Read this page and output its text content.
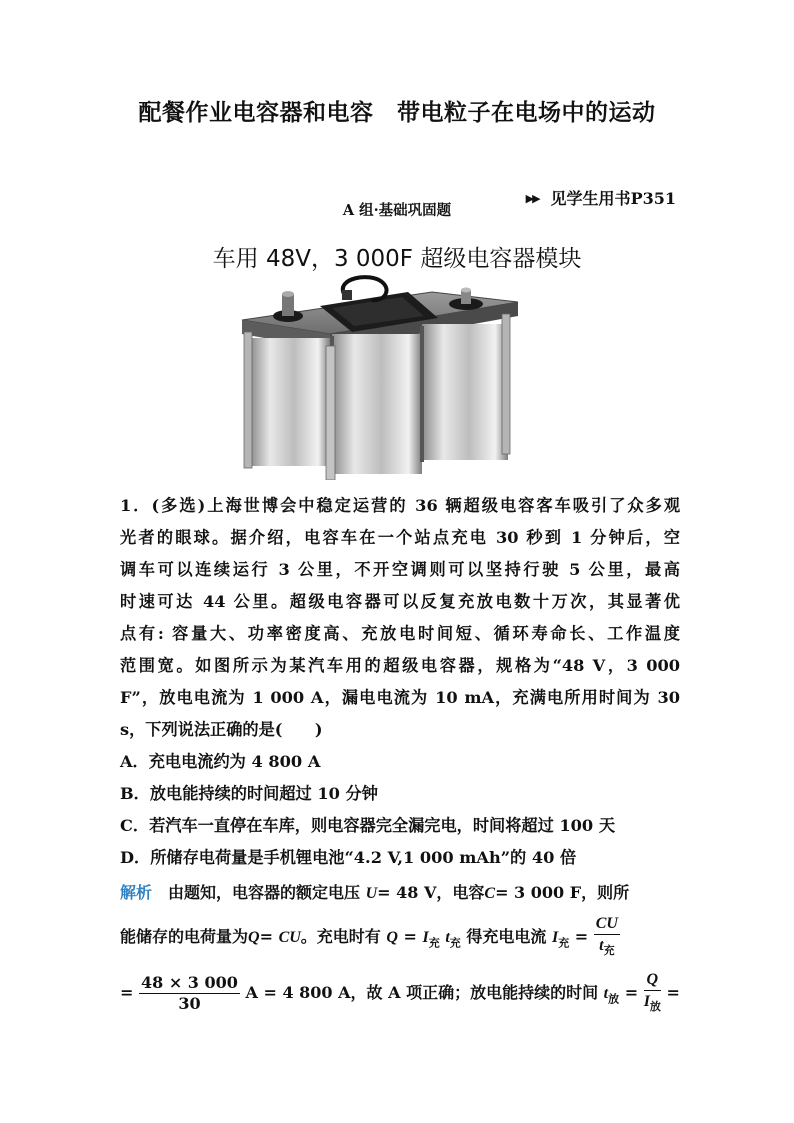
配餐作业电容器和电容　带电粒子在电场中的运动

▶▶ 见学生用书P351

A 组·基础巩固题
车用 48V，3 000F 超级电容器模块
1．(多选)上海世博会中稳定运营的 36 辆超级电容客车吸引了众多观
光者的眼球。据介绍，电容车在一个站点充电 30 秒到 1 分钟后，空
调车可以连续运行 3 公里，不开空调则可以坚持行驶 5 公里，最高
时速可达 44 公里。超级电容器可以反复充放电数十万次，其显著优
点有: 容量大、功率密度高、充放电时间短、循环寿命长、工作温度
范围宽。如图所示为某汽车用的超级电容器，规格为“48 V，3 000
F”，放电电流为 1 000 A，漏电电流为 10 mA，充满电所用时间为 30
s，下列说法正确的是(　　)
A．充电电流约为 4 800 A
B．放电能持续的时间超过 10 分钟
C．若汽车一直停在车库，则电容器完全漏完电，时间将超过 100 天
D．所储存电荷量是手机锂电池“4.2 V,1 000 mAh”的 40 倍
解析 由题知，电容器的额定电压 U= 48 V，电容C= 3 000 F，则所
能储存的电荷量为Q= CU。充电时有 $Q = I_充$ $t_充$ 得充电电流 $I_充 = \frac{CU}{t_充}$
= $\frac{48 \times 3 000}{30}$ A = 4 800 A，故 A 项正确；放电能持续的时间 $t_放 = \frac{Q}{I_放}$ =
